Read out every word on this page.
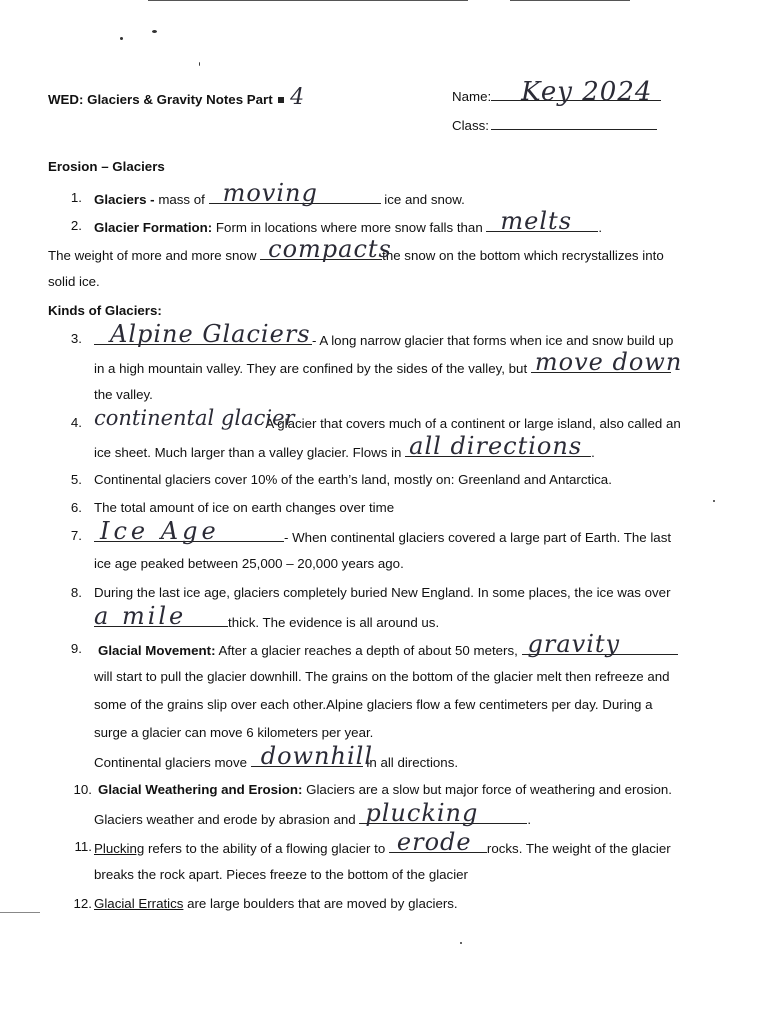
WED: Glaciers & Gravity Notes Part 4	Name: Key 2024
Class:
Erosion – Glaciers
1. Glaciers - mass of moving	ice and snow.
2. Glacier Formation: Form in locations where more snow falls than melts .
The weight of more and more snow compacts
the snow on the bottom which recrystallizes into
solid ice.
Kinds of Glaciers:
3. Alpine Glaciers - A long narrow glacier that forms when ice and snow build up
in a high mountain valley. They are confined by the sides of the valley, but move down
the valley.
4. continental glacier
- A glacier that covers much of a continent or large island, also called an
ice sheet. Much larger than a valley glacier. Flows in all directions .
5. Continental glaciers cover 10% of the earth’s land, mostly on: Greenland and Antarctica.
6. The total amount of ice on earth changes over time
7. Ice Age	- When continental glaciers covered a large part of Earth. The last
ice age peaked between 25,000 – 20,000 years ago.
8. During the last ice age, glaciers completely buried New England. In some places, the ice was over
a mile	thick. The evidence is all around us.
9. Glacial Movement: After a glacier reaches a depth of about 50 meters, gravity
will start to pull the glacier downhill. The grains on the bottom of the glacier melt then refreeze and
some of the grains slip over each other.Alpine glaciers flow a few centimeters per day. During a
surge a glacier can move 6 kilometers per year.
Continental glaciers move downhill
in all directions.
10. Glacial Weathering and Erosion: Glaciers are a slow but major force of weathering and erosion.
Glaciers weather and erode by abrasion and plucking	.
11. Plucking refers to the ability of a flowing glacier to erode rocks. The weight of the glacier
breaks the rock apart. Pieces freeze to the bottom of the glacier
12. Glacial Erratics are large boulders that are moved by glaciers.
